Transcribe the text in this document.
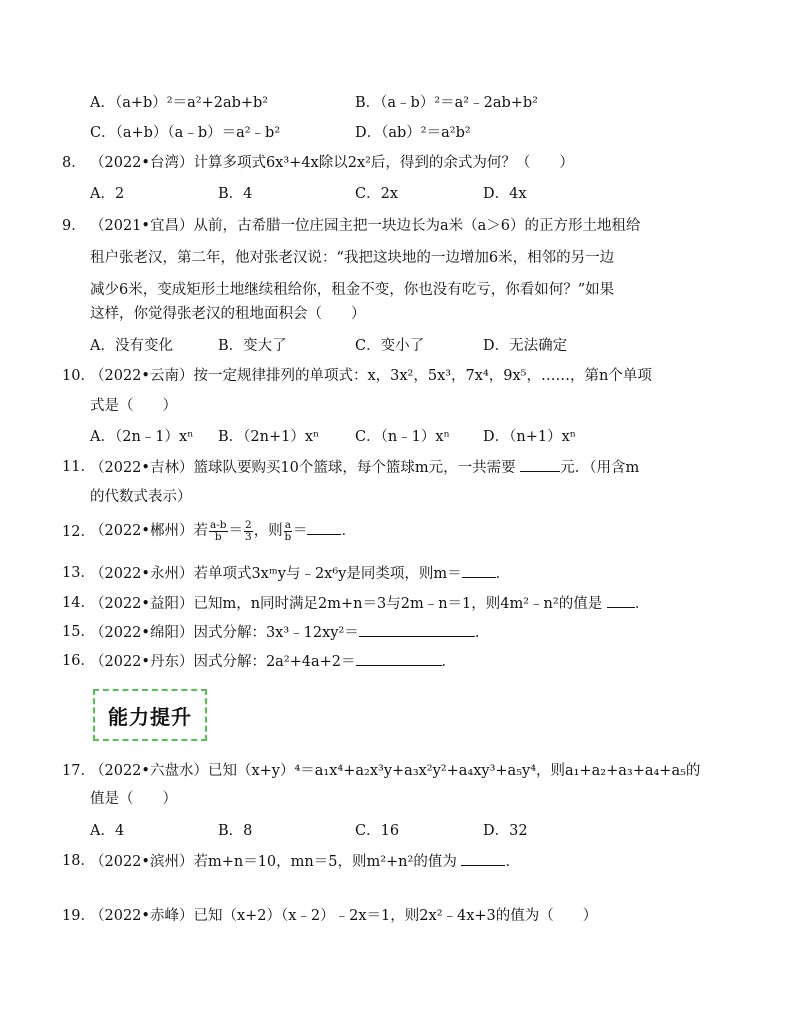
A．（a+b）²＝a²+2ab+b²	B．（a﹣b）²＝a²﹣2ab+b²
C．（a+b）（a﹣b）＝a²﹣b²	D．（ab）²＝a²b²
8． （2022•台湾）计算多项式6x³+4x除以2x²后，得到的余式为何？（　　）
A．2	B．4	C．2x	D．4x
9． （2021•宜昌）从前，古希腊一位庄园主把一块边长为a米（a＞6）的正方形土地租给
租户张老汉，第二年，他对张老汉说：“我把这块地的一边增加6米，相邻的另一边
减少6米，变成矩形土地继续租给你，租金不变，你也没有吃亏，你看如何？”如果
这样，你觉得张老汉的租地面积会（　　）
A．没有变化	B．变大了	C．变小了	D．无法确定
10．
（2022•云南）按一定规律排列的单项式：x，3x²，5x³，7x⁴，9x⁵，……，第n个单项
式是（　　）
A．（2n﹣1）xⁿ B．（2n+1）xⁿ C．（n﹣1）xⁿ D．（n+1）xⁿ
11．
（2022•吉林）篮球队要购买10个篮球，每个篮球m元，一共需要	元．（用含m
的代数式表示）
12．
（2022•郴州）若 $\frac{a-b}{b} = \frac{2}{3}$ ，则 $\frac{a}{b}$ ＝ ．
13．
（2022•永州）若单项式3xᵐy与﹣2x⁶y是同类项，则m＝ ．
14．
（2022•益阳）已知m，n同时满足2m+n＝3与2m﹣n＝1，则4m²﹣n²的值是 ．
15．
（2022•绵阳）因式分解：3x³﹣12xy²＝	．
16．
（2022•丹东）因式分解：2a²+4a+2＝	．
能力提升
17．
（2022•六盘水）已知（x+y）⁴＝a₁x⁴+a₂x³y+a₃x²y²+a₄xy³+a₅y⁴，则a₁+a₂+a₃+a₄+a₅的
值是（　　）
A．4	B．8	C．16	D．32
18．
（2022•滨州）若m+n＝10，mn＝5，则m²+n²的值为	．
19．
（2022•赤峰）已知（x+2）（x﹣2）﹣2x＝1，则2x²﹣4x+3的值为（　　）
